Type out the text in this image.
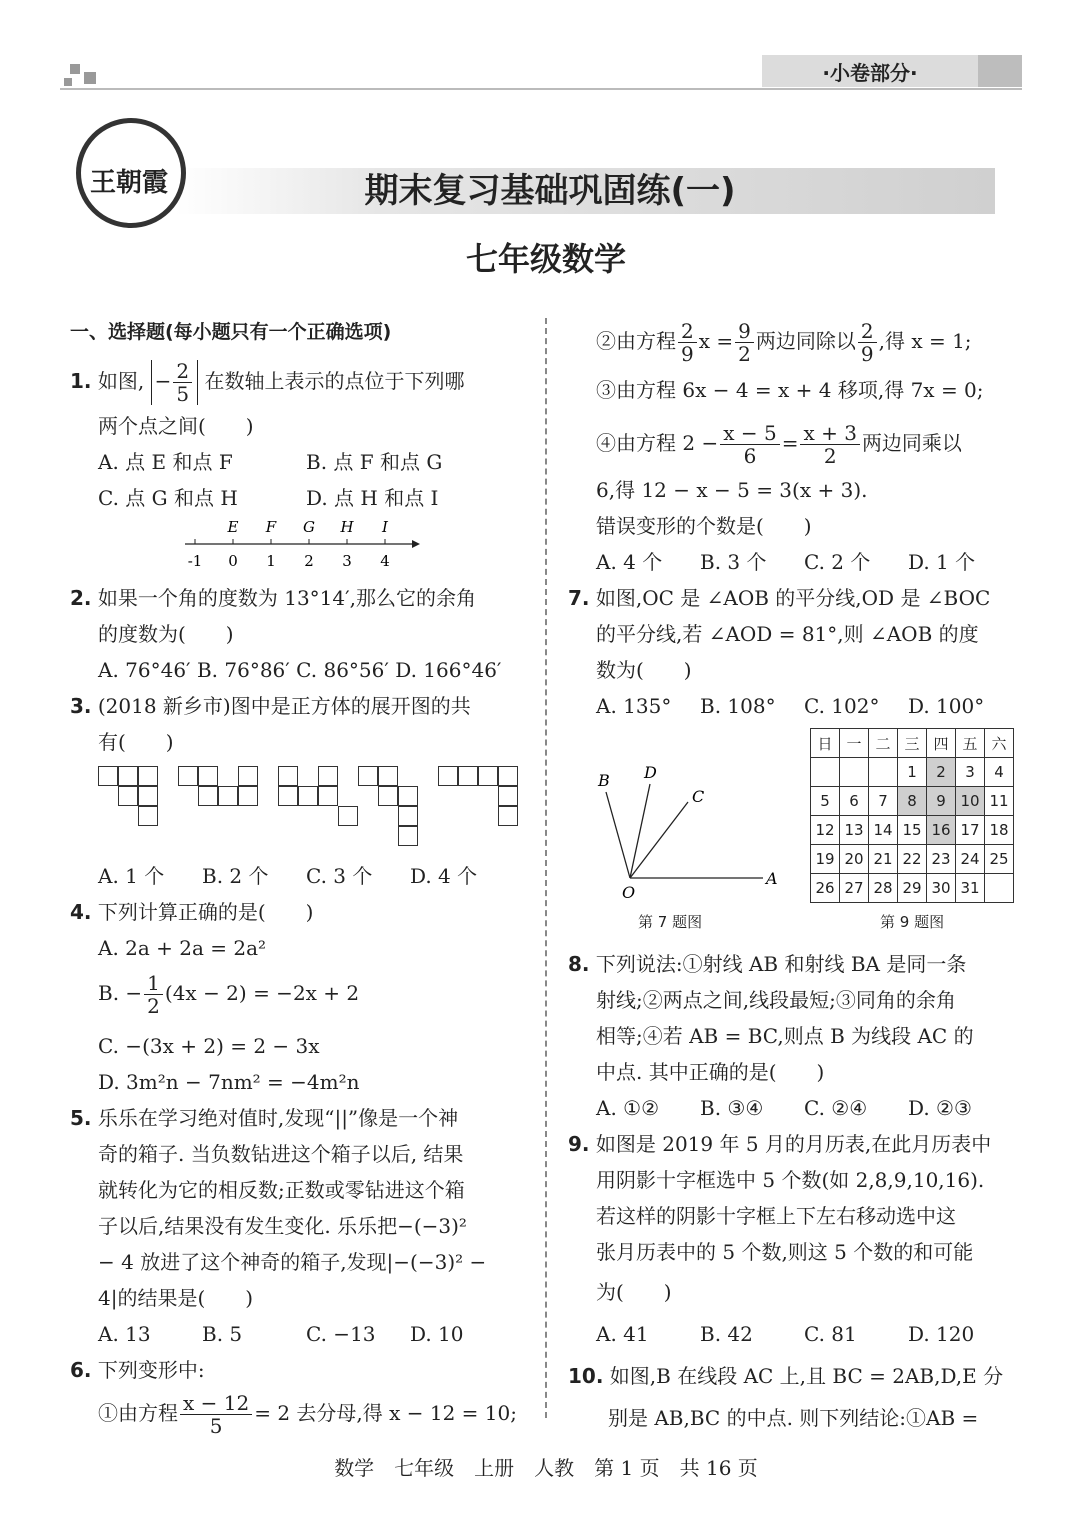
·小卷部分·
王朝霞	期末复习基础巩固练(一)
七年级数学
一、选择题(每小题只有一个正确选项)
1. 如图, − $\frac{2}{5}$ 在数轴上表示的点位于下列哪
两个点之间(　　)
A. 点 E 和点 F	B. 点 F 和点 G
C. 点 G 和点 H	D. 点 H 和点 I
-1 0 1 2 3 4
E F G H I
2. 如果一个角的度数为 13°14′,那么它的余角
的度数为(　　)
A. 76°46′ B. 76°86′ C. 86°56′ D. 166°46′
3. (2018 新乡市)图中是正方体的展开图的共
有(　　)
A. 1 个 B. 2 个 C. 3 个 D. 4 个
4. 下列计算正确的是(　　)
A. 2a + 2a = 2a²
B. − $\frac{1}{2} (4x - 2) = -2x + 2$
C. −(3x + 2) = 2 − 3x
D. 3m²n − 7nm² = −4m²n
5. 乐乐在学习绝对值时,发现“||”像是一个神
奇的箱子. 当负数钻进这个箱子以后, 结果
就转化为它的相反数;正数或零钻进这个箱
子以后,结果没有发生变化. 乐乐把−(−3)²
− 4 放进了这个神奇的箱子,发现|−(−3)² −
4|的结果是(　　)
A. 13	B. 5	C. −13 D. 10
6. 下列变形中:
①由方程 $\frac{x - 12}{5} = 2$ 去分母,得 x − 12 = 10;
②由方程 $\frac{2}{9}$ $x = \frac{9}{2}$ 两边同除以 $\frac{2}{9}$ ,得 x = 1;
③由方程 6x − 4 = x + 4 移项,得 7x = 0;
④由方程 $2 - \frac{x - 5}{6} = \frac{x + 3}{2}$ 两边同乘以
6,得 12 − x − 5 = 3(x + 3).
错误变形的个数是(　　)
A. 4 个 B. 3 个 C. 2 个 D. 1 个
7. 如图,OC 是 ∠AOB 的平分线,OD 是 ∠BOC
的平分线,若 ∠AOD = 81°,则 ∠AOB 的度
数为(　　)
A. 135° B. 108° C. 102° D. 100°
B D
C
O
A
第 7 题图
日	一	二	三	四	五	六
			1	2	3	4
5	6	7	8	9	10	11
12	13	14	15	16	17	18
19	20	21	22	23	24	25
26	27	28	29	30	31	
第 9 题图
8. 下列说法:①射线 AB 和射线 BA 是同一条
射线;②两点之间,线段最短;③同角的余角
相等;④若 AB = BC,则点 B 为线段 AC 的
中点. 其中正确的是(　　)
A. ①② B. ③④ C. ②④ D. ②③
9. 如图是 2019 年 5 月的月历表,在此月历表中
用阴影十字框选中 5 个数(如 2,8,9,10,16).
若这样的阴影十字框上下左右移动选中这
张月历表中的 5 个数,则这 5 个数的和可能
为(　　)
A. 41	B. 42	C. 81	D. 120
10. 如图,B 在线段 AC 上,且 BC = 2AB,D,E 分
别是 AB,BC 的中点. 则下列结论:①AB =
数学　七年级　上册　人教　第 1 页　共 16 页
